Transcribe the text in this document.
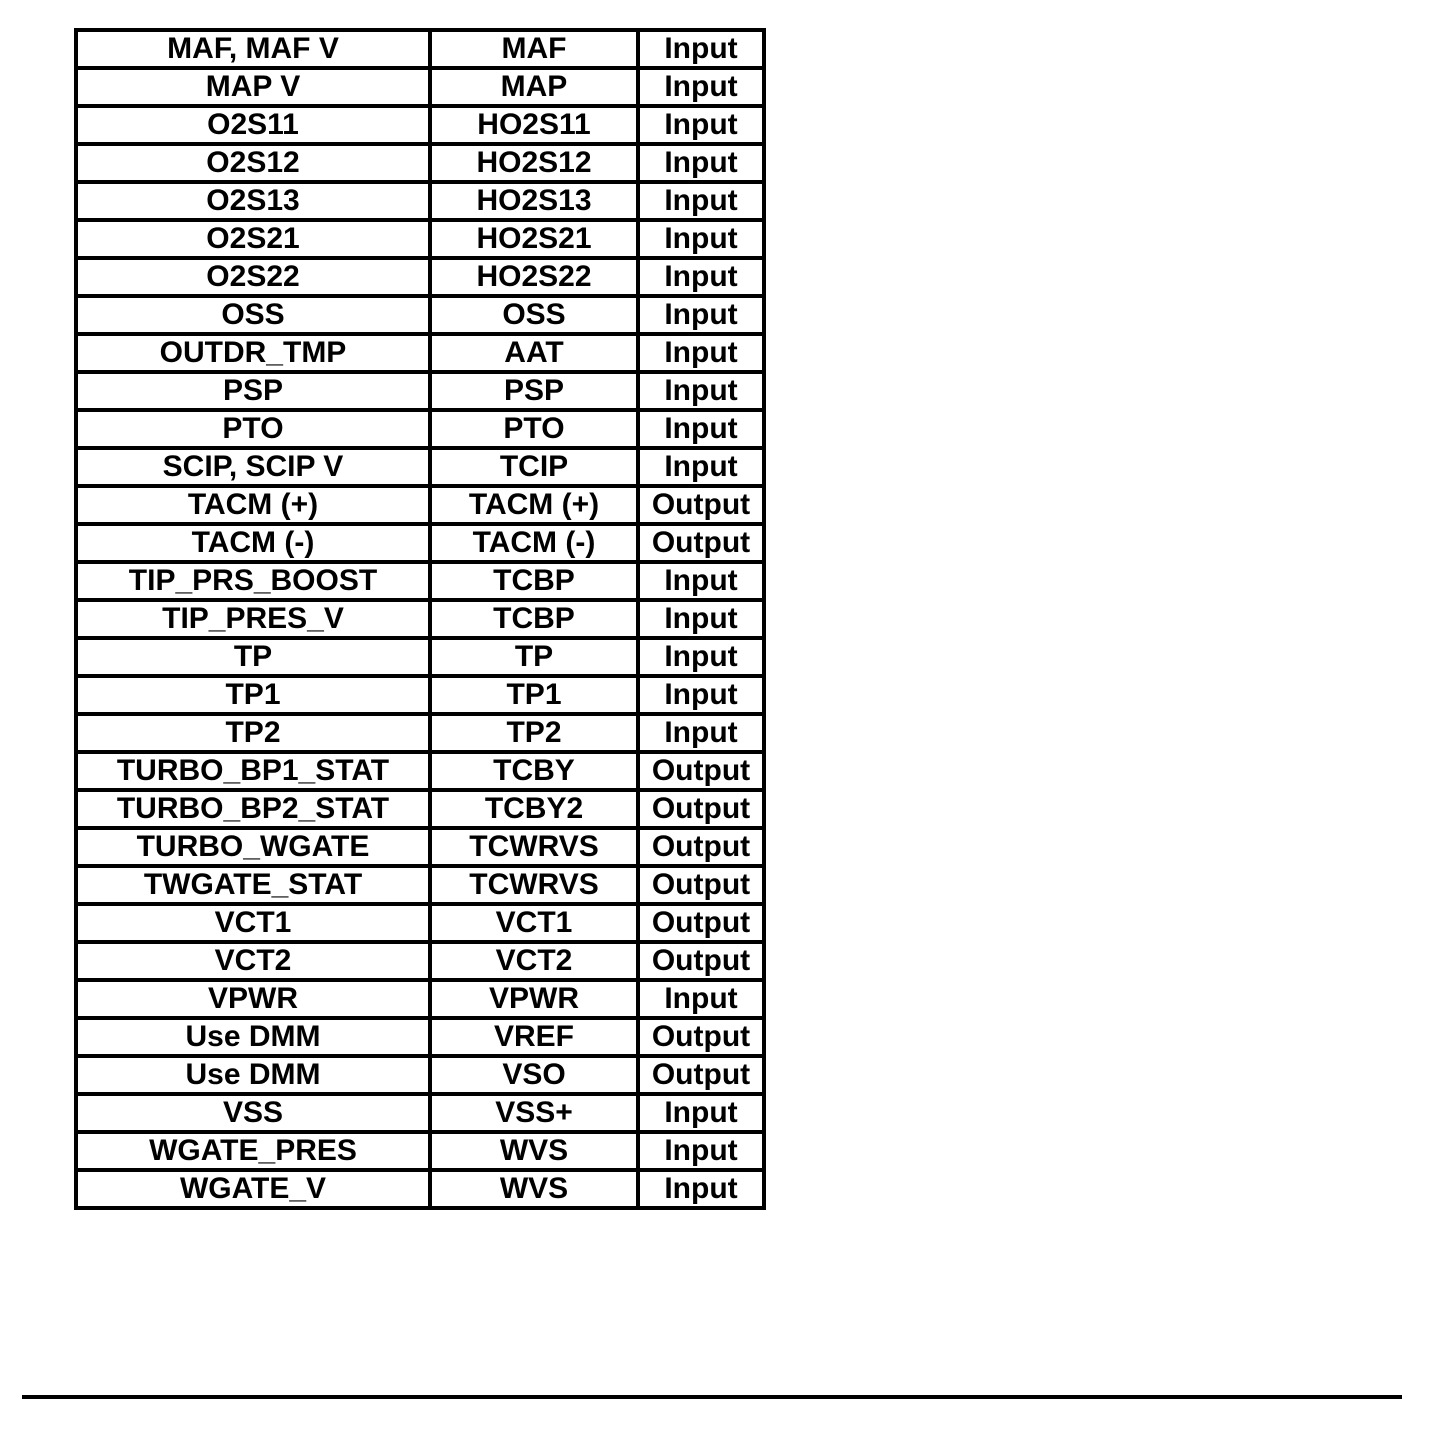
MAF, MAF V	MAF	Input
MAP V	MAP	Input
O2S11	HO2S11	Input
O2S12	HO2S12	Input
O2S13	HO2S13	Input
O2S21	HO2S21	Input
O2S22	HO2S22	Input
OSS	OSS	Input
OUTDR_TMP	AAT	Input
PSP	PSP	Input
PTO	PTO	Input
SCIP, SCIP V	TCIP	Input
TACM (+)	TACM (+)	Output
TACM (-)	TACM (-)	Output
TIP_PRS_BOOST	TCBP	Input
TIP_PRES_V	TCBP	Input
TP	TP	Input
TP1	TP1	Input
TP2	TP2	Input
TURBO_BP1_STAT	TCBY	Output
TURBO_BP2_STAT	TCBY2	Output
TURBO_WGATE	TCWRVS	Output
TWGATE_STAT	TCWRVS	Output
VCT1	VCT1	Output
VCT2	VCT2	Output
VPWR	VPWR	Input
Use DMM	VREF	Output
Use DMM	VSO	Output
VSS	VSS+	Input
WGATE_PRES	WVS	Input
WGATE_V	WVS	Input
